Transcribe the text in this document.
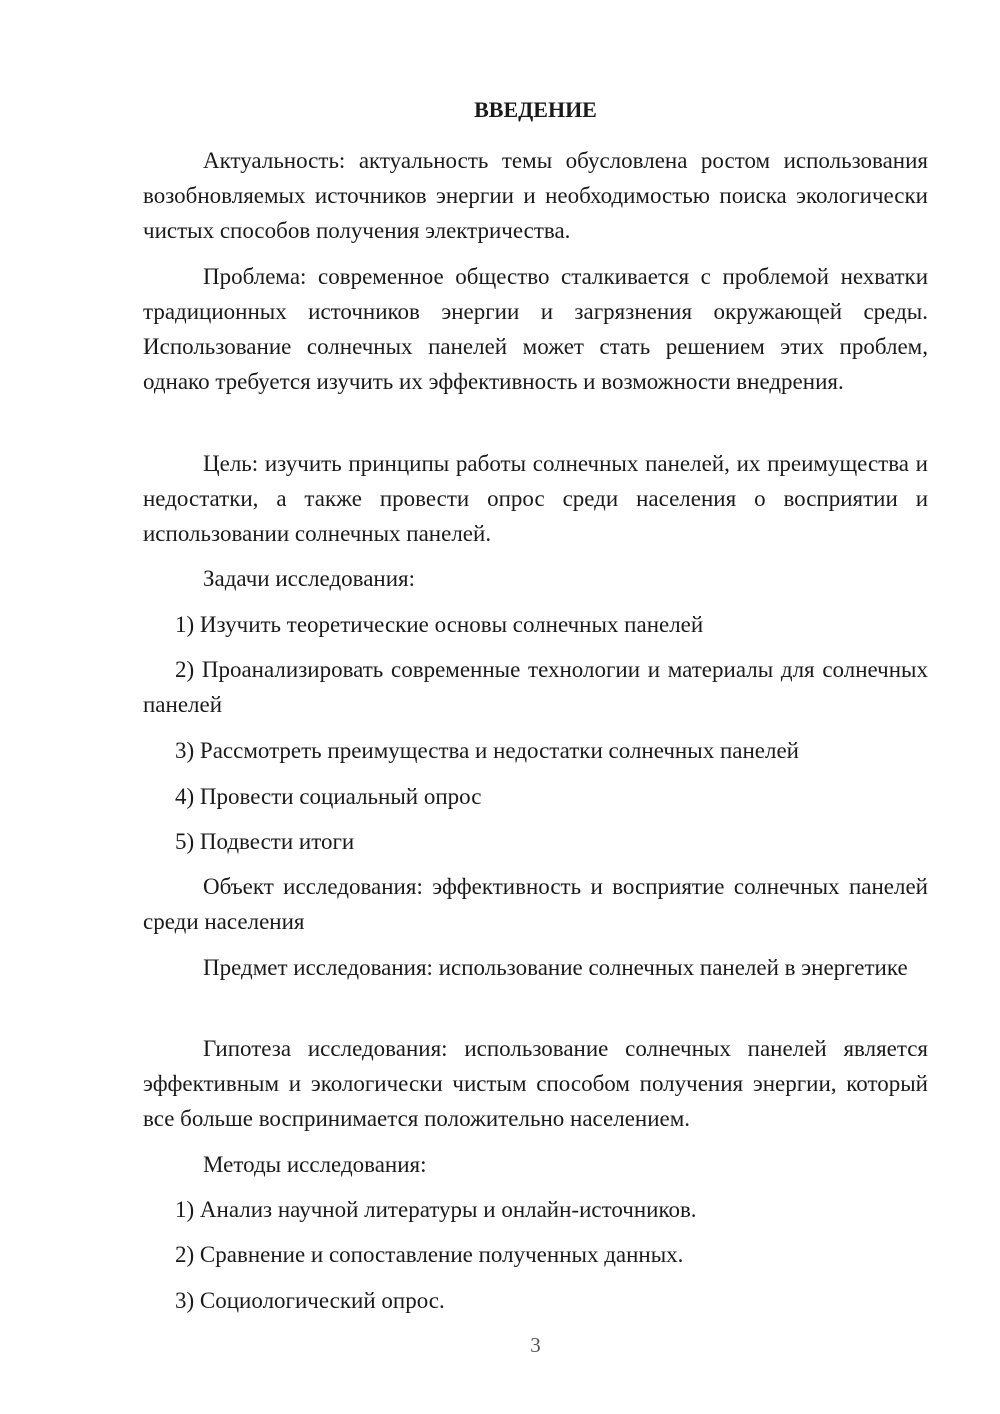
ВВЕДЕНИЕ

Актуальность: актуальность темы обусловлена ростом использования возобновляемых источников энергии и необходимостью поиска экологически чистых способов получения электричества.

Проблема: современное общество сталкивается с проблемой нехватки традиционных источников энергии и загрязнения окружающей среды. Использование солнечных панелей может стать решением этих проблем, однако требуется изучить их эффективность и возможности внедрения.

Цель: изучить принципы работы солнечных панелей, их преимущества и недостатки, а также провести опрос среди населения о восприятии и использовании солнечных панелей.

Задачи исследования:

1) Изучить теоретические основы солнечных панелей

2) Проанализировать современные технологии и материалы для солнечных панелей

3) Рассмотреть преимущества и недостатки солнечных панелей

4) Провести социальный опрос

5) Подвести итоги

Объект исследования: эффективность и восприятие солнечных панелей среди населения

Предмет исследования: использование солнечных панелей в энергетике

Гипотеза исследования: использование солнечных панелей является эффективным и экологически чистым способом получения энергии, который все больше воспринимается положительно населением.

Методы исследования:

1) Анализ научной литературы и онлайн-источников.

2) Сравнение и сопоставление полученных данных.

3) Социологический опрос.

3
